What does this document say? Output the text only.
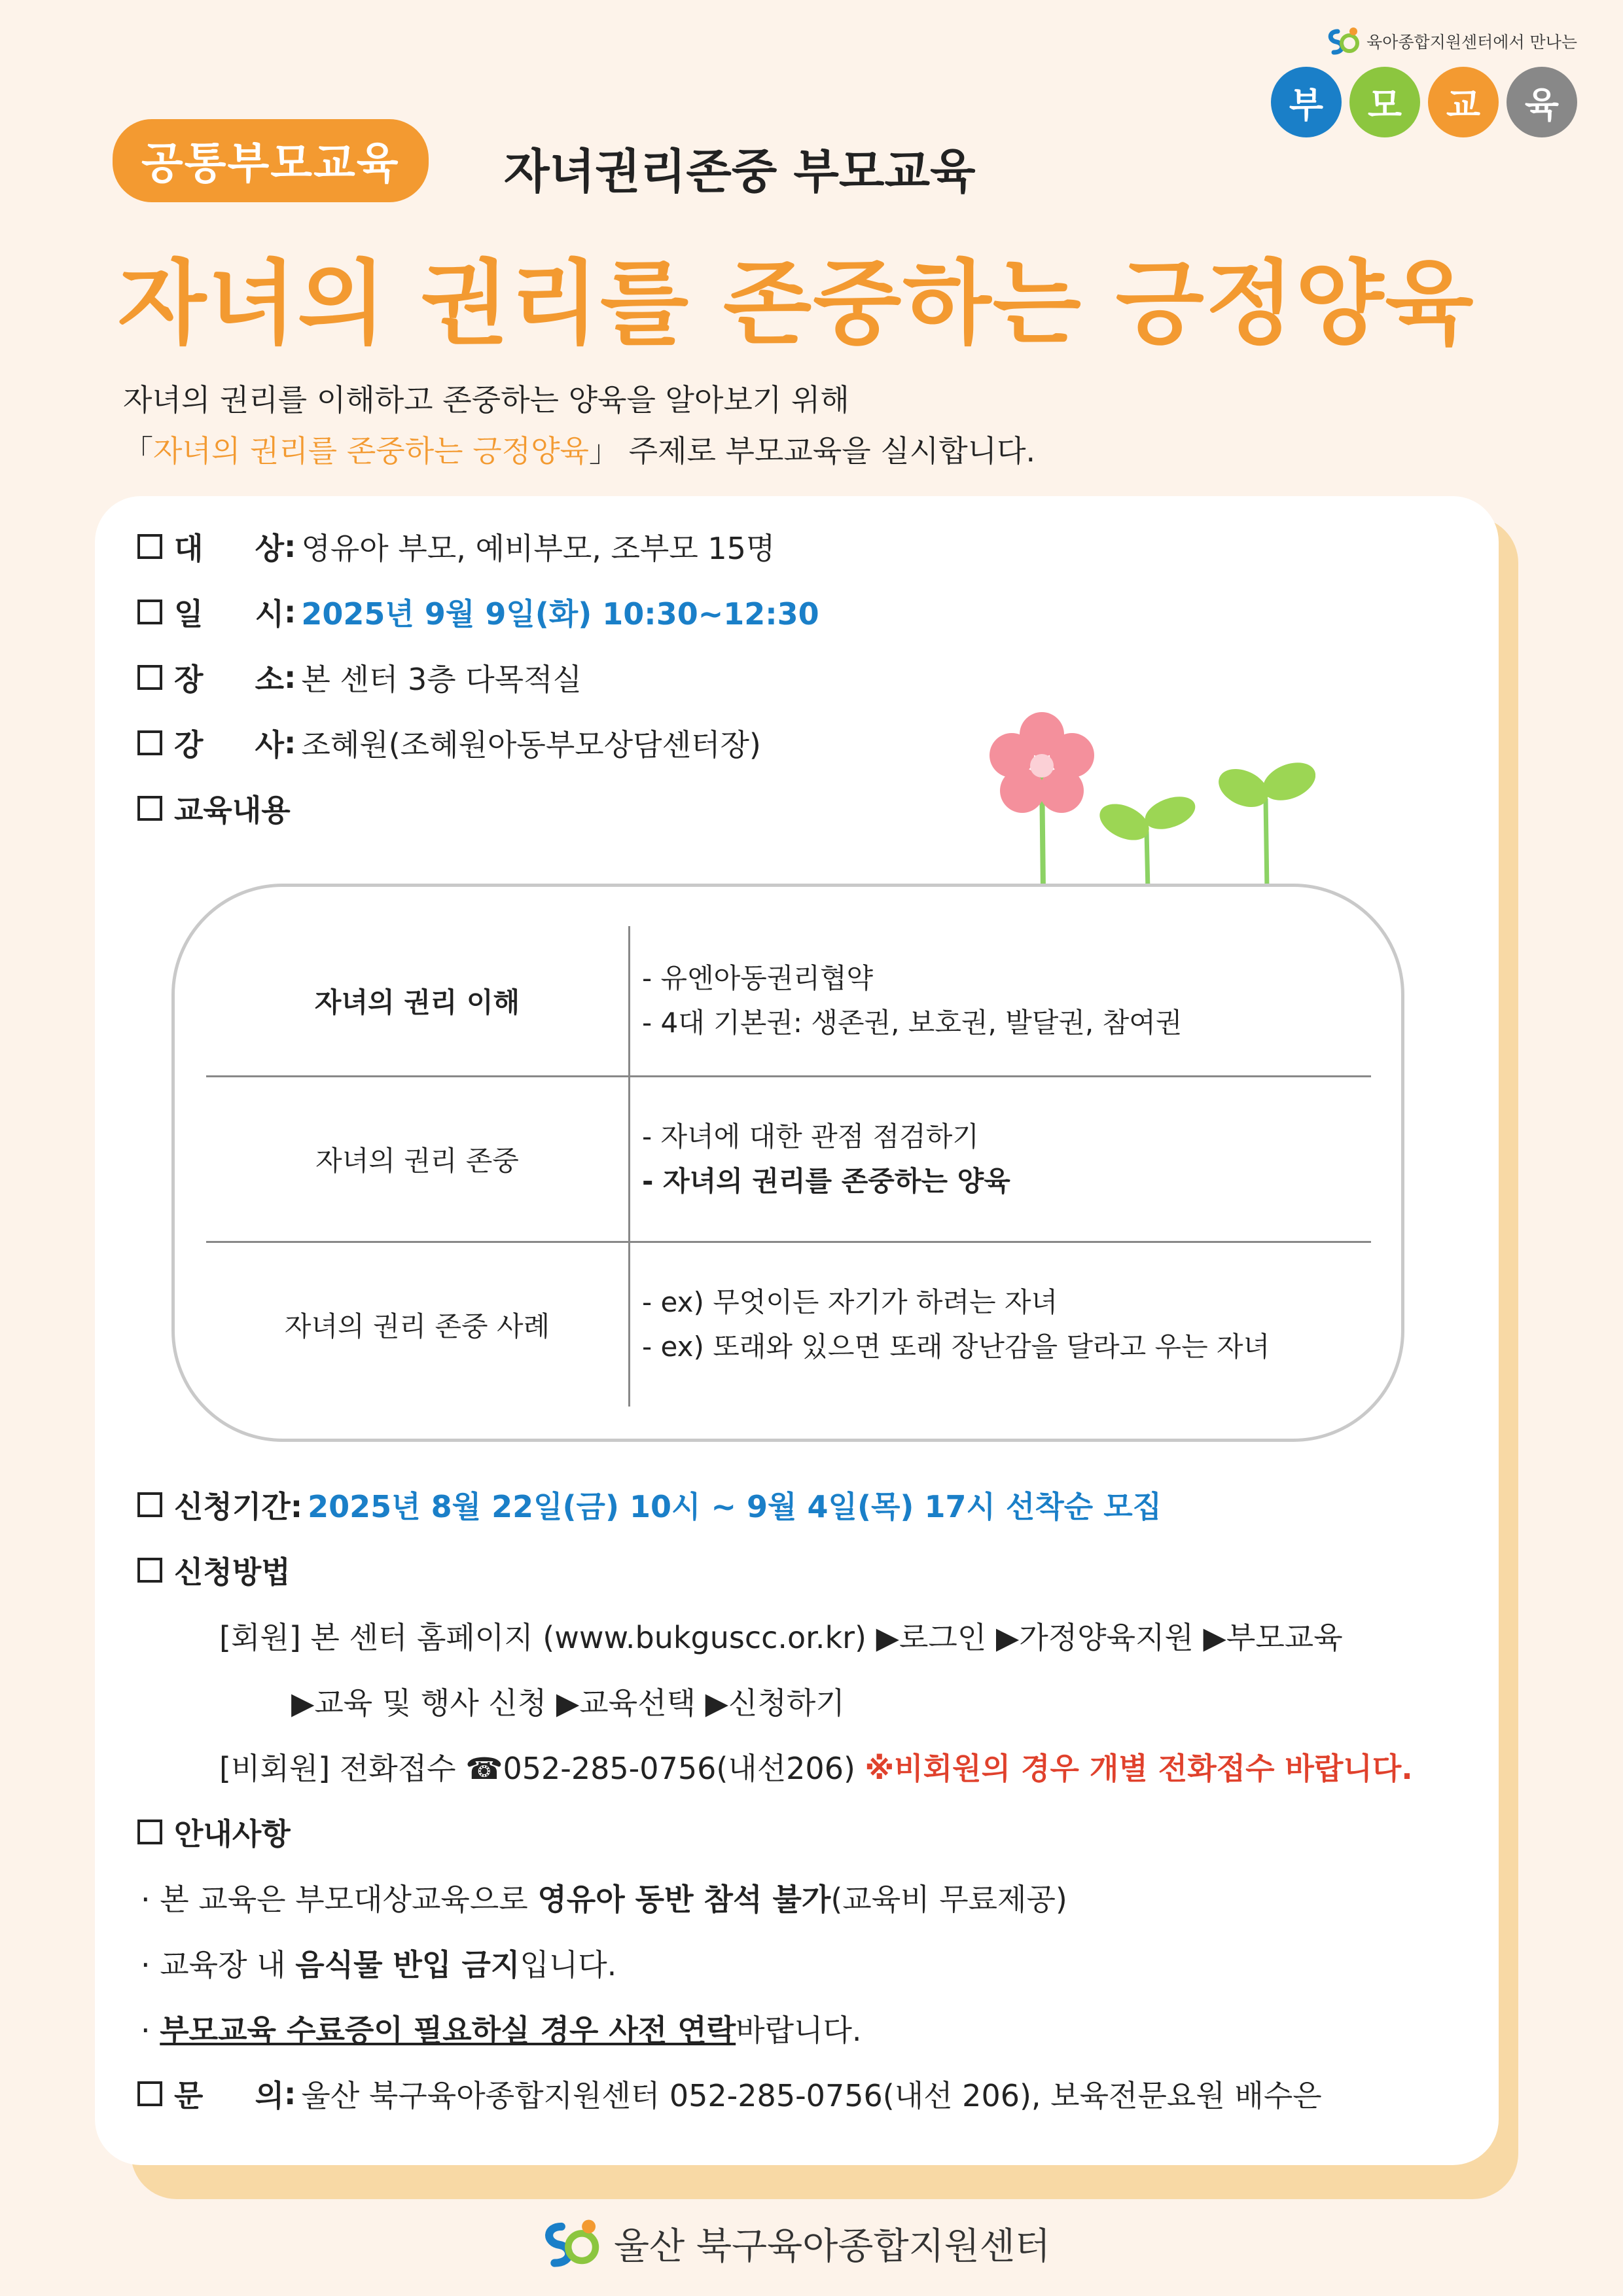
육아종합지원센터에서 만나는
부	모	교	육
공통부모교육	자녀권리존중 부모교육
자녀의 권리를 존중하는 긍정양육
자녀의 권리를 이해하고 존중하는 양육을 알아보기 위해
「자녀의 권리를 존중하는 긍정양육」 주제로 부모교육을 실시합니다.
대 상 : 영유아 부모, 예비부모, 조부모 15명
일 시 : 2025년 9월 9일(화) 10:30~12:30
장 소 : 본 센터 3층 다목적실
강 사 : 조혜원(조혜원아동부모상담센터장)
교육내용
자녀의 권리 이해
- 유엔아동권리협약
- 4대 기본권: 생존권, 보호권, 발달권, 참여권
자녀의 권리 존중
- 자녀에 대한 관점 점검하기
- 자녀의 권리를 존중하는 양육
자녀의 권리 존중 사례
- ex) 무엇이든 자기가 하려는 자녀
- ex) 또래와 있으면 또래 장난감을 달라고 우는 자녀
신청기간: 2025년 8월 22일(금) 10시 ~ 9월 4일(목) 17시 선착순 모집
신청방법
[회원] 본 센터 홈페이지 (www.bukguscc.or.kr) ▶로그인 ▶가정양육지원 ▶부모교육
▶교육 및 행사 신청 ▶교육선택 ▶신청하기
[비회원] 전화접수 ☎052-285-0756(내선206) ※비회원의 경우 개별 전화접수 바랍니다.
안내사항
· 본 교육은 부모대상교육으로 영유아 동반 참석 불가(교육비 무료제공)
· 교육장 내 음식물 반입 금지입니다.
· 부모교육 수료증이 필요하실 경우 사전 연락바랍니다.
문 의 : 울산 북구육아종합지원센터 052-285-0756(내선 206), 보육전문요원 배수은
울산 북구육아종합지원센터
